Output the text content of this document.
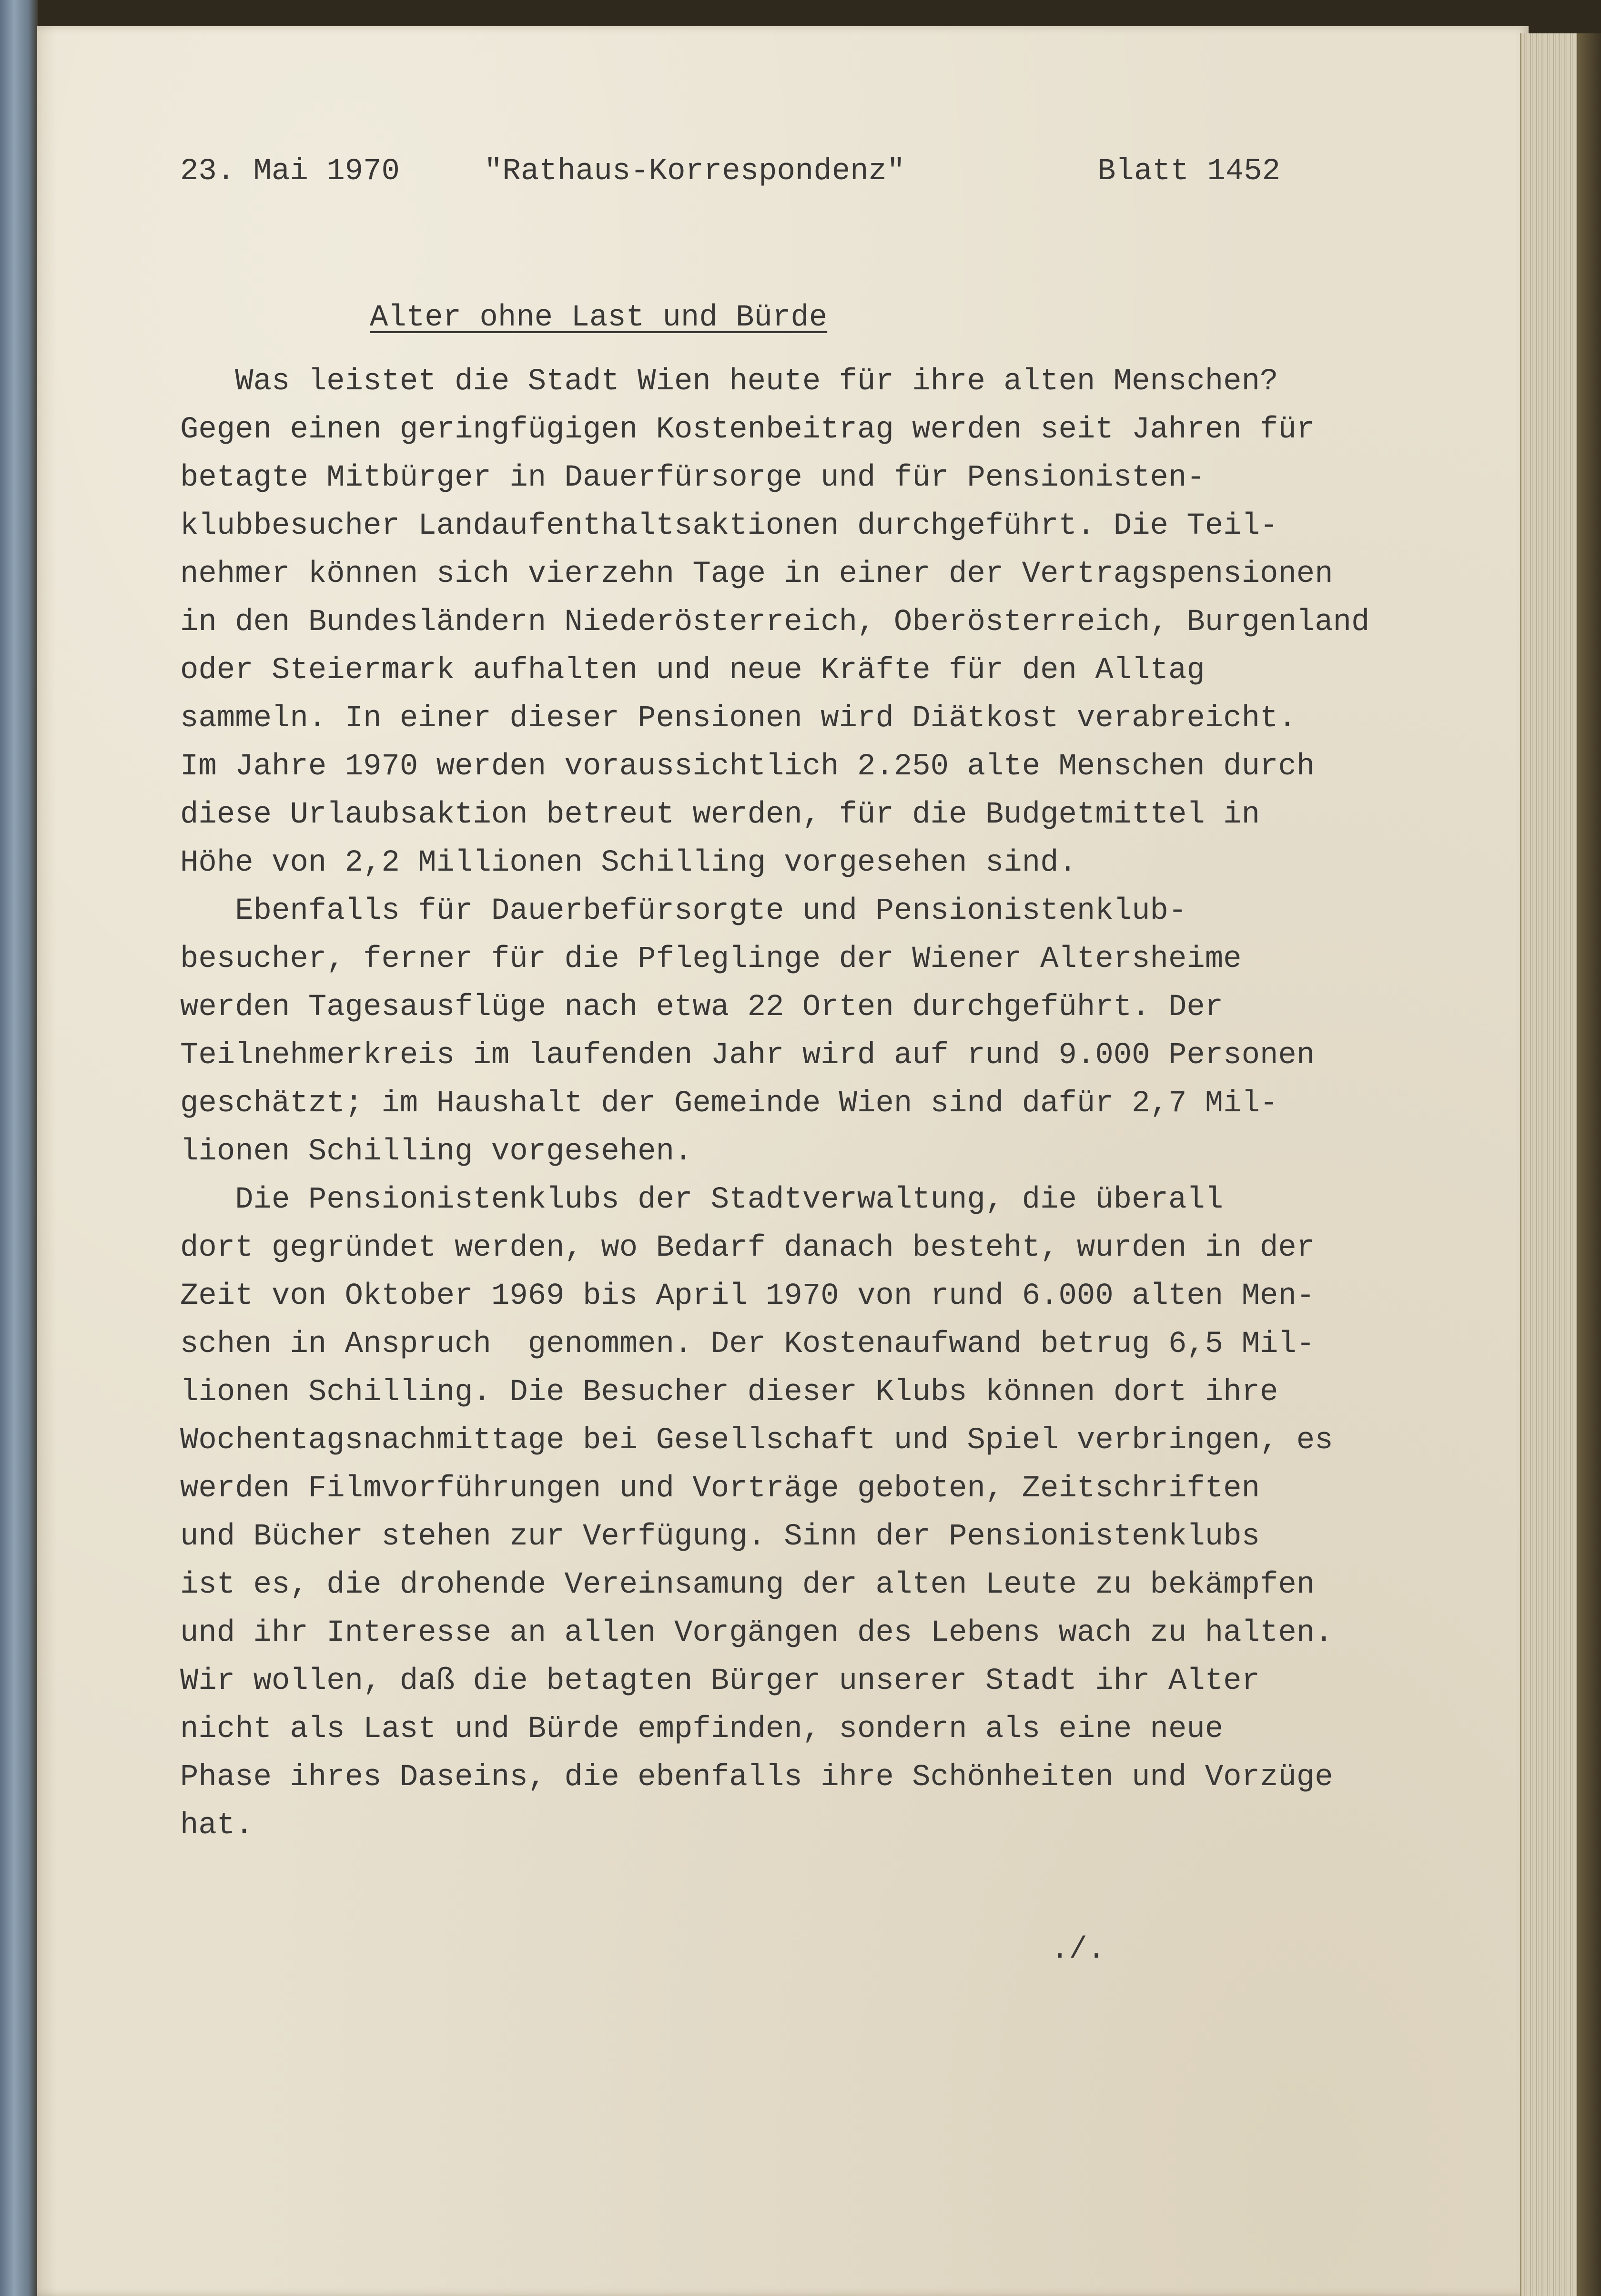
23. Mai 1970

	"Rathaus-Korrespondenz"

	Blatt 1452

Alter ohne Last und Bürde
Was leistet die Stadt Wien heute für ihre alten Menschen?
Gegen einen geringfügigen Kostenbeitrag werden seit Jahren für
betagte Mitbürger in Dauerfürsorge und für Pensionisten-
klubbesucher Landaufenthaltsaktionen durchgeführt. Die Teil-
nehmer können sich vierzehn Tage in einer der Vertragspensionen
in den Bundesländern Niederösterreich, Oberösterreich, Burgenland
oder Steiermark aufhalten und neue Kräfte für den Alltag
sammeln. In einer dieser Pensionen wird Diätkost verabreicht.
Im Jahre 1970 werden voraussichtlich 2.250 alte Menschen durch
diese Urlaubsaktion betreut werden, für die Budgetmittel in
Höhe von 2,2 Millionen Schilling vorgesehen sind.
Ebenfalls für Dauerbefürsorgte und Pensionistenklub-
besucher, ferner für die Pfleglinge der Wiener Altersheime
werden Tagesausflüge nach etwa 22 Orten durchgeführt. Der
Teilnehmerkreis im laufenden Jahr wird auf rund 9.000 Personen
geschätzt; im Haushalt der Gemeinde Wien sind dafür 2,7 Mil-
lionen Schilling vorgesehen.
Die Pensionistenklubs der Stadtverwaltung, die überall
dort gegründet werden, wo Bedarf danach besteht, wurden in der
Zeit von Oktober 1969 bis April 1970 von rund 6.000 alten Men-
schen in Anspruch  genommen. Der Kostenaufwand betrug 6,5 Mil-
lionen Schilling. Die Besucher dieser Klubs können dort ihre
Wochentagsnachmittage bei Gesellschaft und Spiel verbringen, es
werden Filmvorführungen und Vorträge geboten, Zeitschriften
und Bücher stehen zur Verfügung. Sinn der Pensionistenklubs
ist es, die drohende Vereinsamung der alten Leute zu bekämpfen
und ihr Interesse an allen Vorgängen des Lebens wach zu halten.
Wir wollen, daß die betagten Bürger unserer Stadt ihr Alter
nicht als Last und Bürde empfinden, sondern als eine neue
Phase ihres Daseins, die ebenfalls ihre Schönheiten und Vorzüge
hat.
./.
